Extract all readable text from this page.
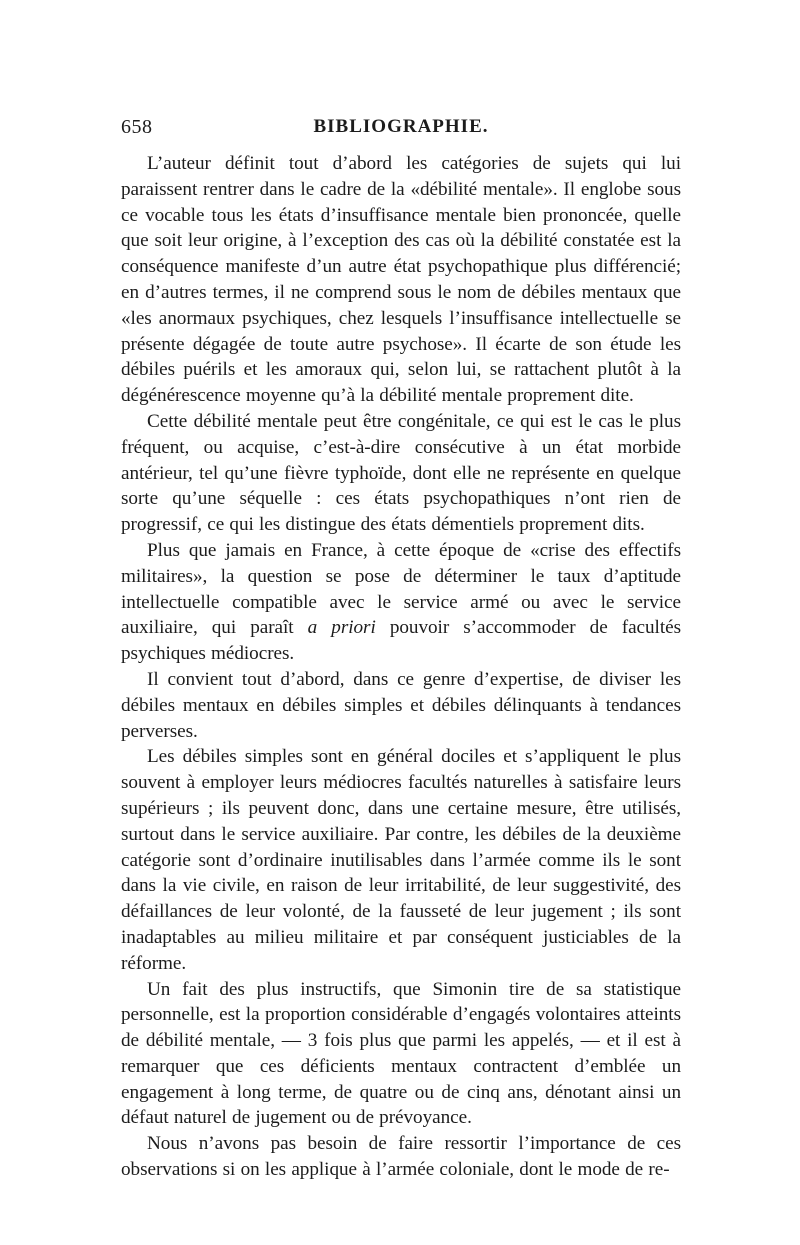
658	BIBLIOGRAPHIE.

L’auteur définit tout d’abord les catégories de sujets qui lui paraissent rentrer dans le cadre de la «débilité mentale». Il englobe sous ce vocable tous les états d’insuffisance mentale bien prononcée, quelle que soit leur origine, à l’exception des cas où la débilité constatée est la conséquence manifeste d’un autre état psychopathique plus différencié; en d’autres termes, il ne comprend sous le nom de débiles mentaux que «les anormaux psychiques, chez lesquels l’insuffisance intellectuelle se présente dégagée de toute autre psychose». Il écarte de son étude les débiles puérils et les amoraux qui, selon lui, se rattachent plutôt à la dégénérescence moyenne qu’à la débilité mentale proprement dite.

Cette débilité mentale peut être congénitale, ce qui est le cas le plus fréquent, ou acquise, c’est-à-dire consécutive à un état morbide antérieur, tel qu’une fièvre typhoïde, dont elle ne représente en quelque sorte qu’une séquelle : ces états psychopathiques n’ont rien de progressif, ce qui les distingue des états démentiels proprement dits.

Plus que jamais en France, à cette époque de «crise des effectifs militaires», la question se pose de déterminer le taux d’aptitude intellectuelle compatible avec le service armé ou avec le service auxiliaire, qui paraît a priori pouvoir s’accommoder de facultés psychiques médiocres.

Il convient tout d’abord, dans ce genre d’expertise, de diviser les débiles mentaux en débiles simples et débiles délinquants à tendances perverses.

Les débiles simples sont en général dociles et s’appliquent le plus souvent à employer leurs médiocres facultés naturelles à satisfaire leurs supérieurs ; ils peuvent donc, dans une certaine mesure, être utilisés, surtout dans le service auxiliaire. Par contre, les débiles de la deuxième catégorie sont d’ordinaire inutilisables dans l’armée comme ils le sont dans la vie civile, en raison de leur irritabilité, de leur suggestivité, des défaillances de leur volonté, de la fausseté de leur jugement ; ils sont inadaptables au milieu militaire et par conséquent justiciables de la réforme.

Un fait des plus instructifs, que Simonin tire de sa statistique personnelle, est la proportion considérable d’engagés volontaires atteints de débilité mentale, — 3 fois plus que parmi les appelés, — et il est à remarquer que ces déficients mentaux contractent d’emblée un engagement à long terme, de quatre ou de cinq ans, dénotant ainsi un défaut naturel de jugement ou de prévoyance.

Nous n’avons pas besoin de faire ressortir l’importance de ces observations si on les applique à l’armée coloniale, dont le mode de re-
